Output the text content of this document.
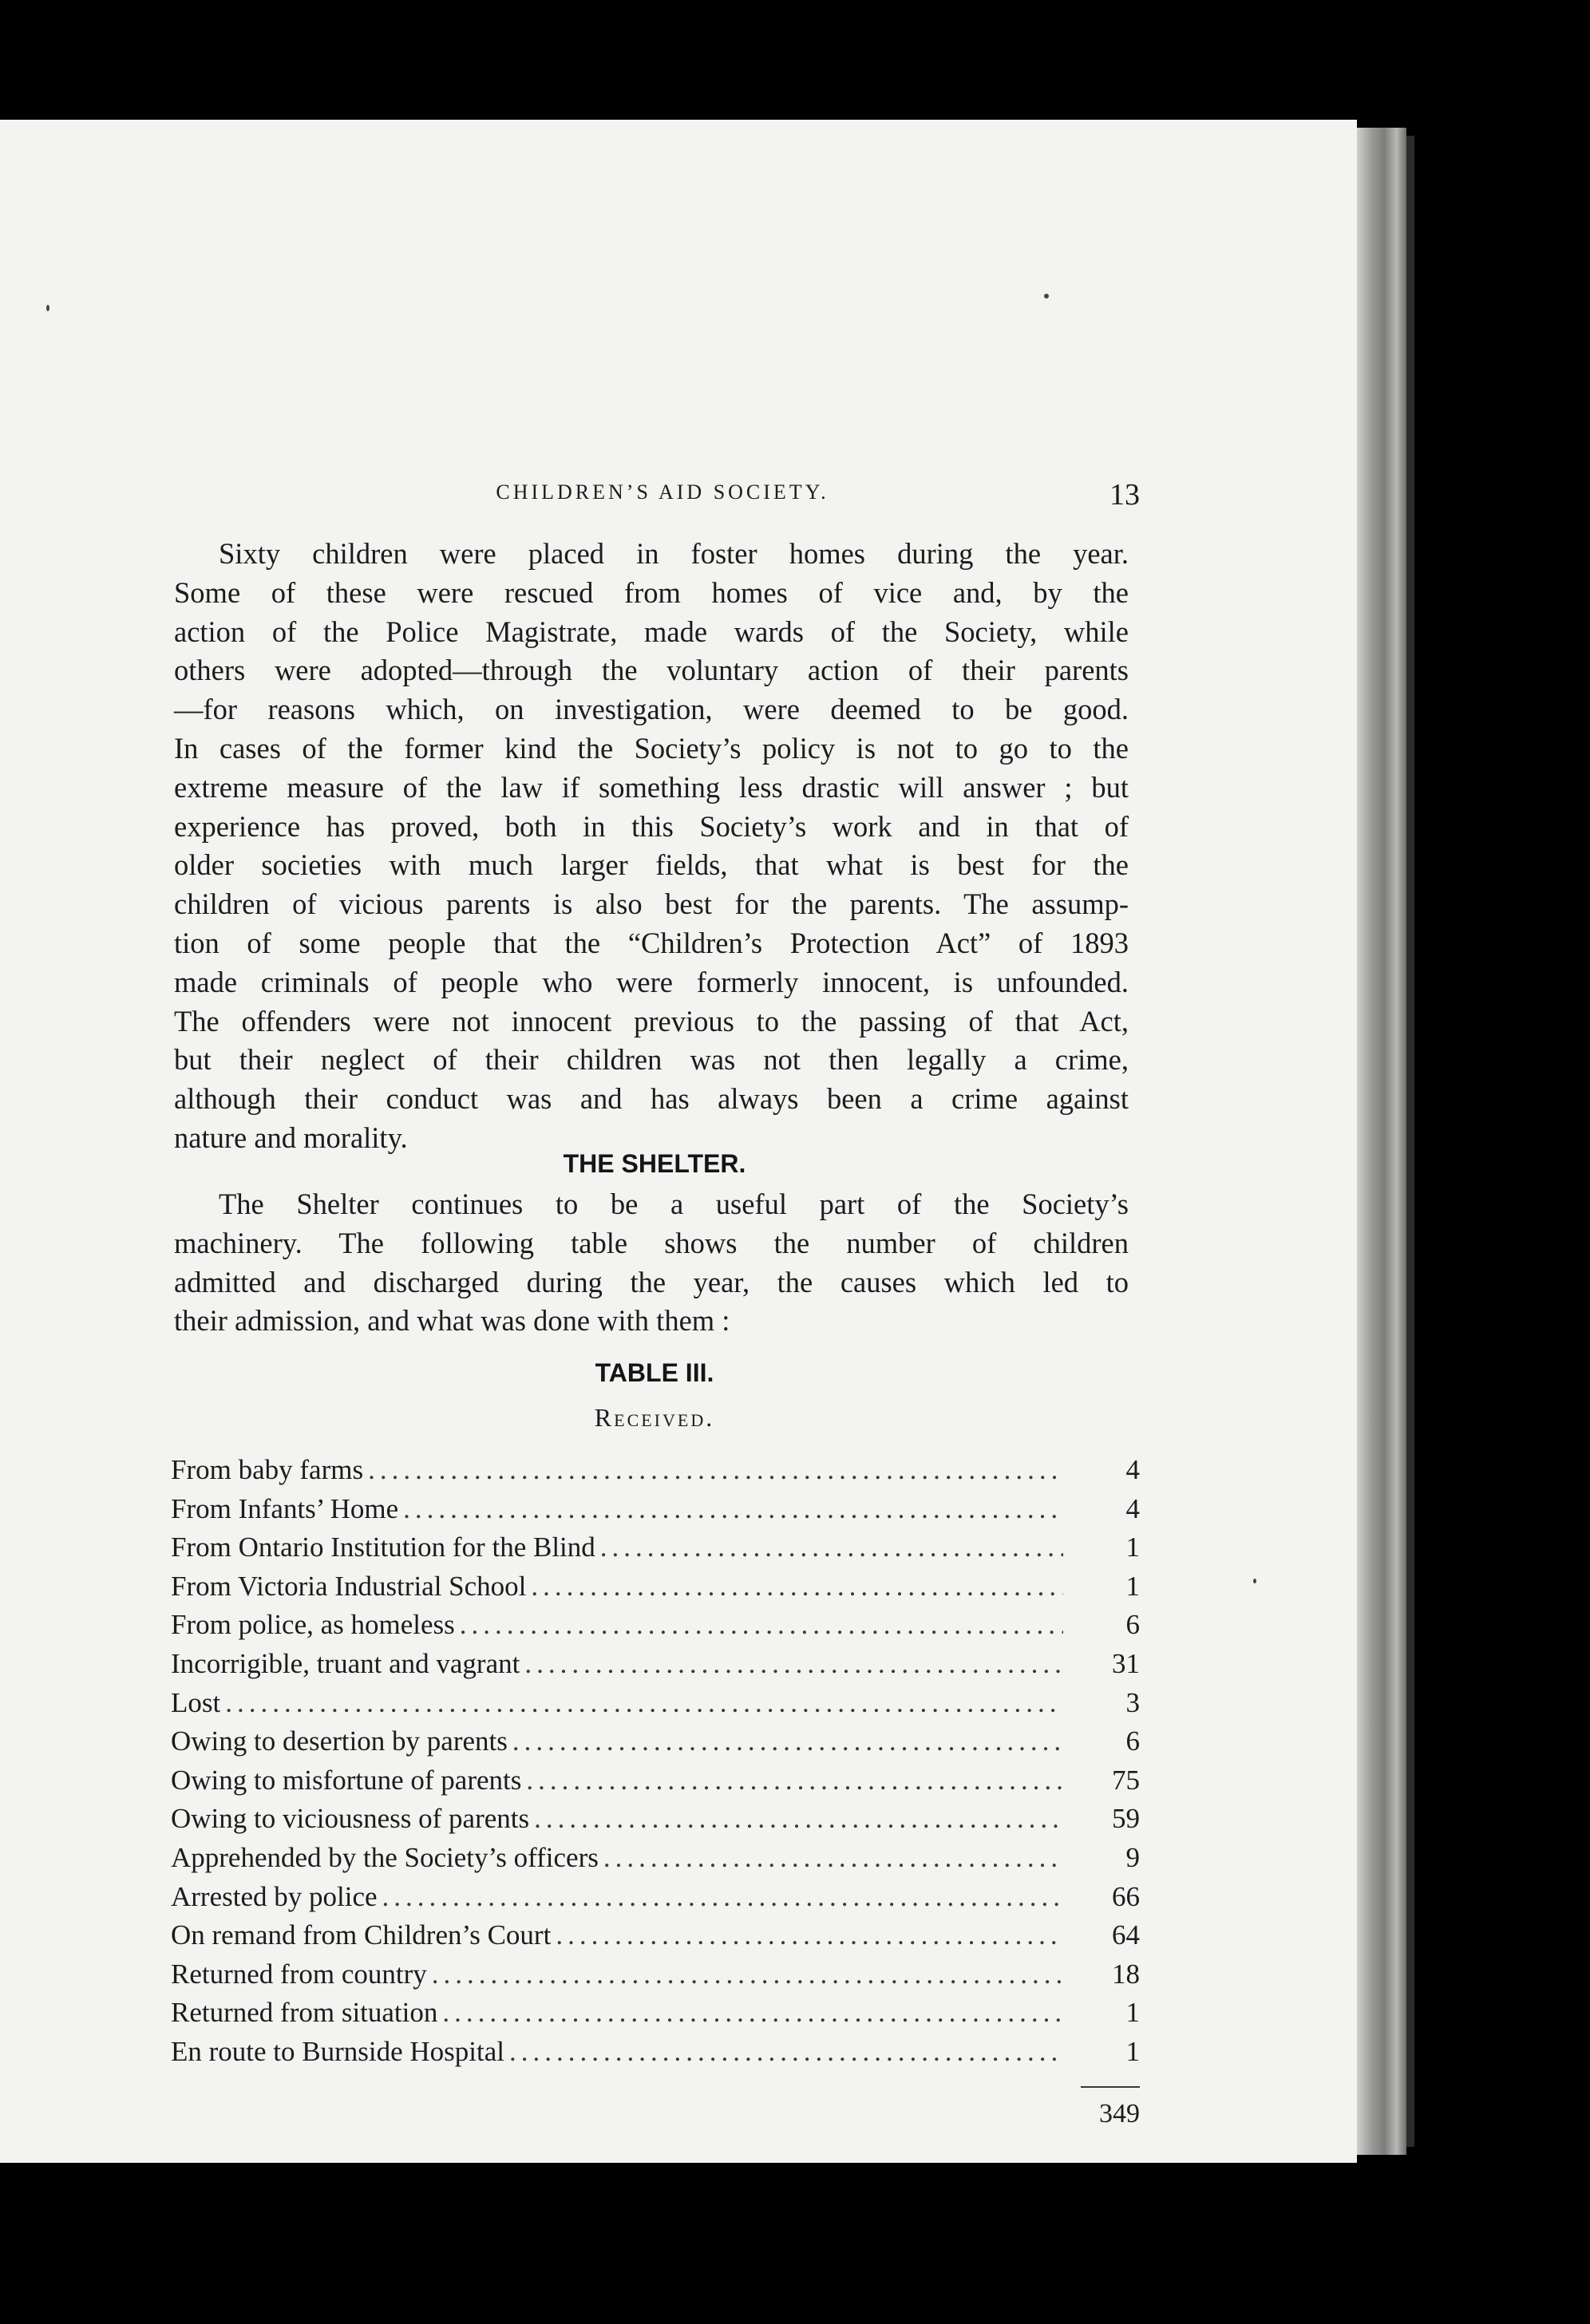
CHILDREN’S AID SOCIETY.	13
Sixty children were placed in foster homes during the year.
Some of these were rescued from homes of vice and, by the
action of the Police Magistrate, made wards of the Society, while
others were adopted—through the voluntary action of their parents
—for reasons which, on investigation, were deemed to be good.
In cases of the former kind the Society’s policy is not to go to the
extreme measure of the law if something less drastic will answer ; but
experience has proved, both in this Society’s work and in that of
older societies with much larger fields, that what is best for the
children of vicious parents is also best for the parents. The assump-
tion of some people that the “Children’s Protection Act” of 1893
made criminals of people who were formerly innocent, is unfounded.
The offenders were not innocent previous to the passing of that Act,
but their neglect of their children was not then legally a crime,
although their conduct was and has always been a crime against
nature and morality.
THE SHELTER.
The Shelter continues to be a useful part of the Society’s
machinery. The following table shows the number of children
admitted and discharged during the year, the causes which led to
their admission, and what was done with them :
TABLE III.
Received.
From baby farms .....	4
From Infants’ Home .....	4
From Ontario Institution for the Blind .....	1
From Victoria Industrial School .....	1
From police, as homeless .....	6
Incorrigible, truant and vagrant .....	31
Lost .....	3
Owing to desertion by parents .....	6
Owing to misfortune of parents .....	75
Owing to viciousness of parents .....	59
Apprehended by the Society’s officers .....	9
Arrested by police .....	66
On remand from Children’s Court .....	64
Returned from country .....	18
Returned from situation .....	1
En route to Burnside Hospital .....	1
349
